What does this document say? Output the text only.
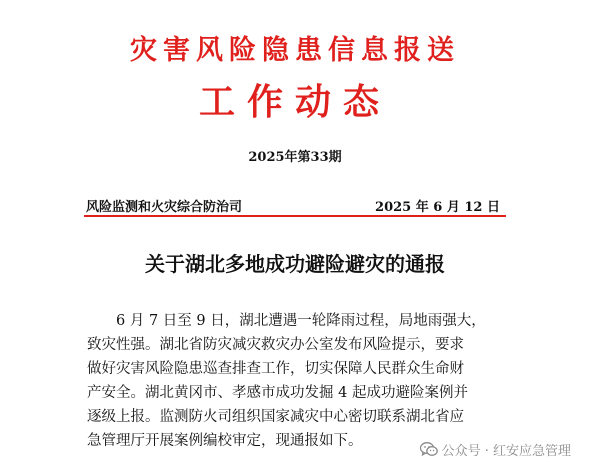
灾害风险隐患信息报送
工作动态
2025年第33期
风险监测和火灾综合防治司	2025 年 6 月 12 日
关于湖北多地成功避险避灾的通报
　　6 月 7 日至 9 日，湖北遭遇一轮降雨过程，局地雨强大，
致灾性强。湖北省防灾减灾救灾办公室发布风险提示，要求
做好灾害风险隐患巡查排查工作，切实保障人民群众生命财
产安全。湖北黄冈市、孝感市成功发掘 4 起成功避险案例并
逐级上报。监测防火司组织国家减灾中心密切联系湖北省应
急管理厅开展案例编校审定，现通报如下。
公众号 · 红安应急管理
